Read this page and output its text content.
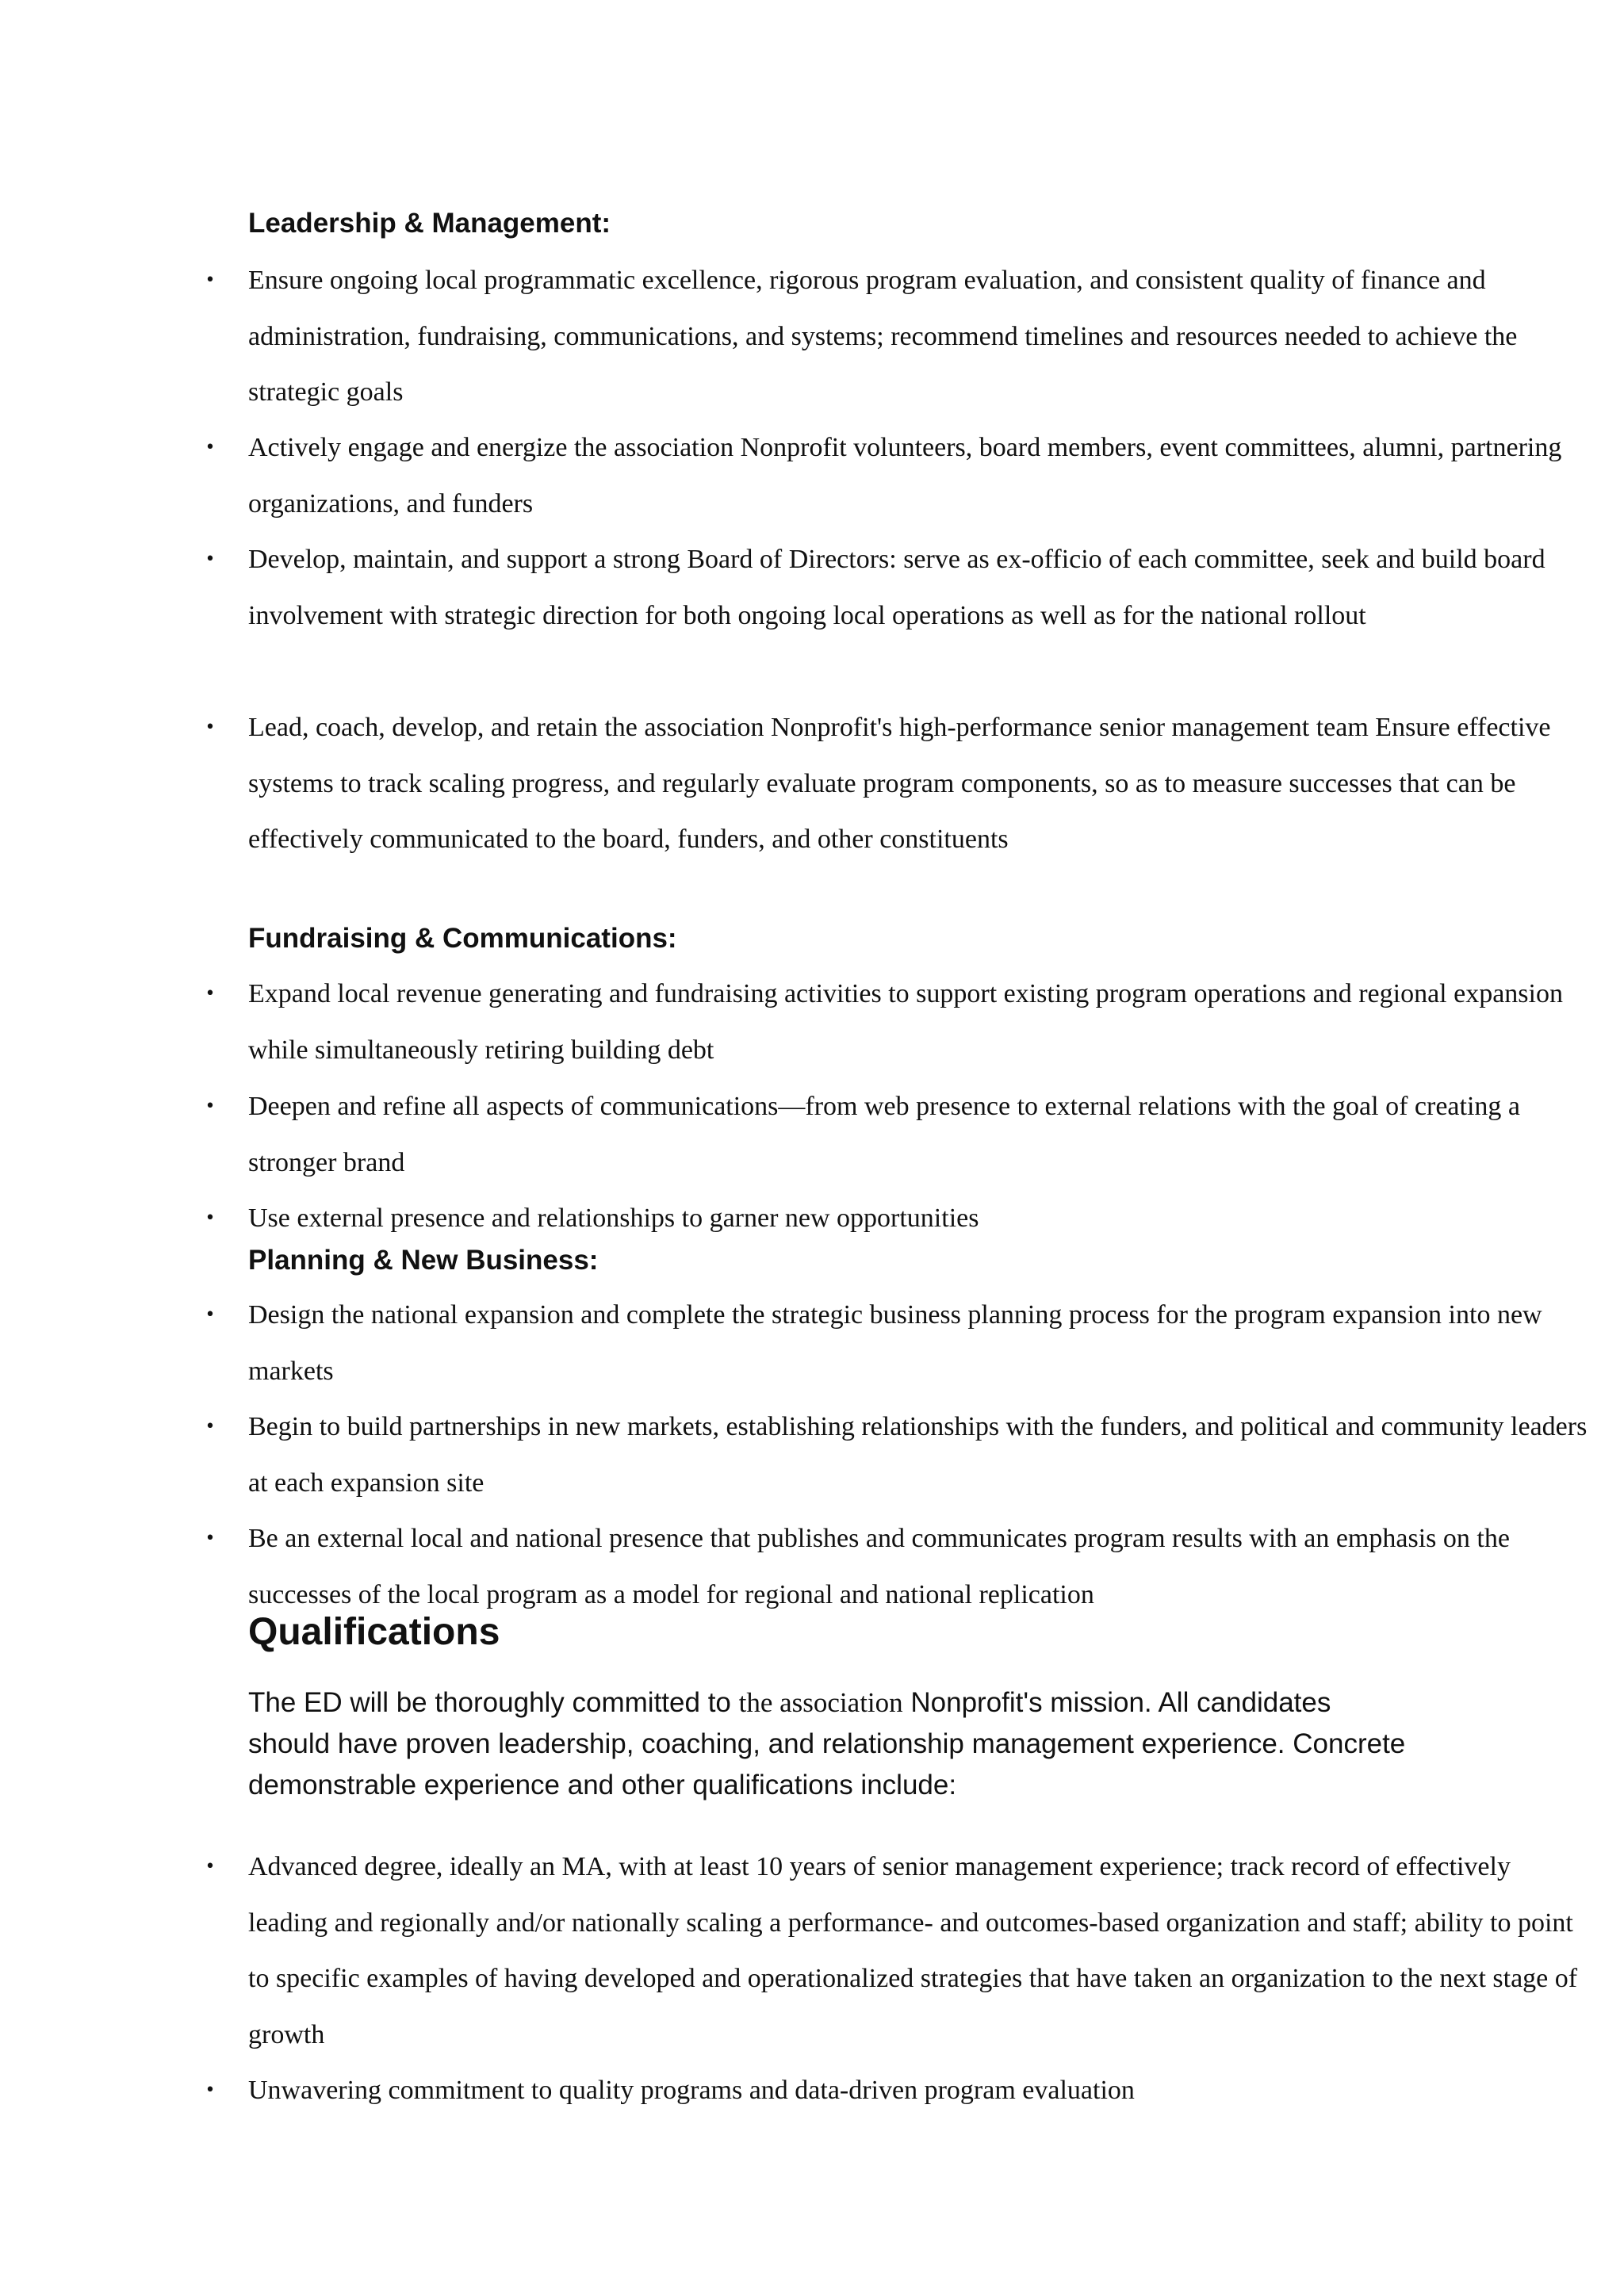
Leadership & Management:
• Ensure ongoing local programmatic excellence, rigorous program evaluation, and consistent quality of finance and administration, fundraising, communications, and systems; recommend timelines and resources needed to achieve the strategic goals

• Actively engage and energize the association Nonprofit volunteers, board members, event committees, alumni, partnering organizations, and funders

• Develop, maintain, and support a strong Board of Directors: serve as ex-officio of each committee, seek and build board involvement with strategic direction for both ongoing local operations as well as for the national rollout

• Lead, coach, develop, and retain the association Nonprofit's high-performance senior management team Ensure effective systems to track scaling progress, and regularly evaluate program components, so as to measure successes that can be effectively communicated to the board, funders, and other constituents

Fundraising & Communications:
• Expand local revenue generating and fundraising activities to support existing program operations and regional expansion while simultaneously retiring building debt

• Deepen and refine all aspects of communications—from web presence to external relations with the goal of creating a stronger brand

• Use external presence and relationships to garner new opportunities

Planning & New Business:
• Design the national expansion and complete the strategic business planning process for the program expansion into new markets

• Begin to build partnerships in new markets, establishing relationships with the funders, and political and community leaders at each expansion site

• Be an external local and national presence that publishes and communicates program results with an emphasis on the successes of the local program as a model for regional and national replication

Qualifications

The ED will be thoroughly committed to the association Nonprofit's mission. All candidates should have proven leadership, coaching, and relationship management experience. Concrete demonstrable experience and other qualifications include:

• Advanced degree, ideally an MA, with at least 10 years of senior management experience; track record of effectively leading and regionally and/or nationally scaling a performance- and outcomes-based organization and staff; ability to point to specific examples of having developed and operationalized strategies that have taken an organization to the next stage of growth

• Unwavering commitment to quality programs and data-driven program evaluation
